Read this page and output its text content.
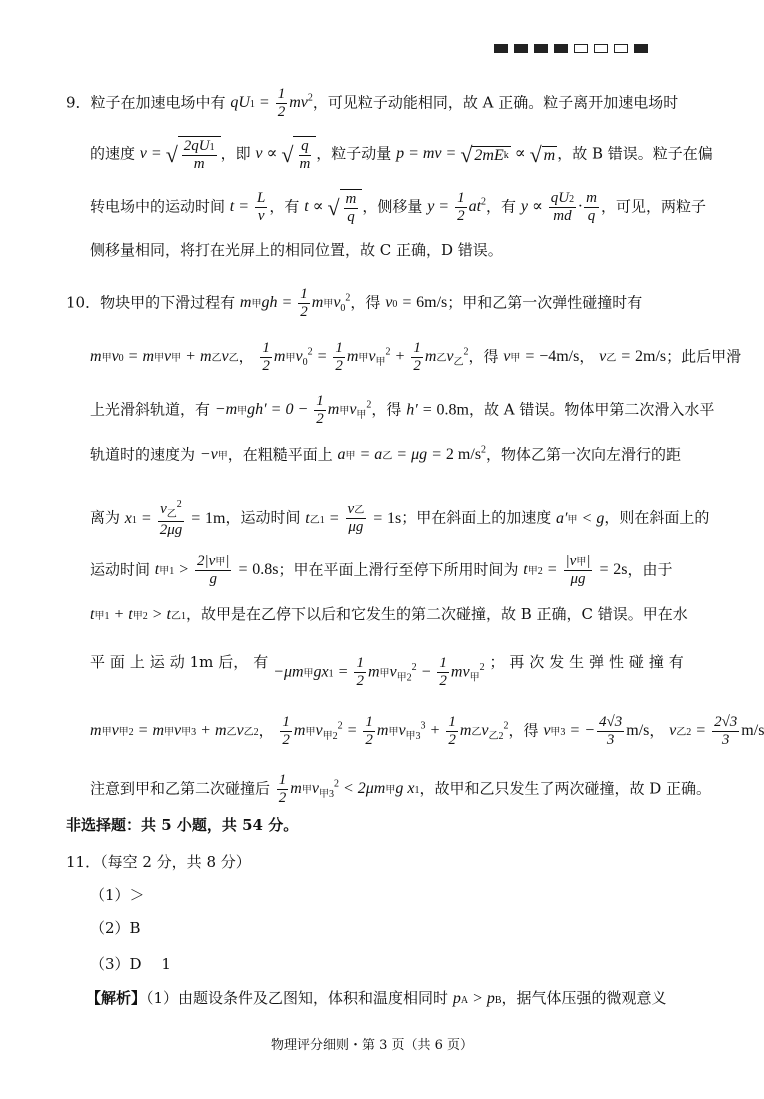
9．粒子在加速电场中有 $qU1 = \frac{1}{2} mv^2$，可见粒子动能相同，故 A 正确。粒子离开加速电场时
的速度 v = √ $\frac{2qU1}{m}$ ，即 v ∝ √ $\frac{q}{m}$ ，粒子动量 p = mv = √ 2mE k ∝ √ m ，故 B 错误。粒子在偏
转电场中的运动时间 $t = \frac{L}{v}$ ，有 t ∝ √ $\frac{m}{q}$ ，侧移量 $y = \frac{1}{2} at^2$，有 $y \propto \frac{qU2}{md} \cdot \frac{m}{q}$ ，可见，两粒子
侧移量相同，将打在光屏上的相同位置，故 C 正确，D 错误。
10．物块甲的下滑过程有 m甲gh = $\frac{1}{2}$ m甲$v_0^2$，得 v0 = 6m/s；甲和乙第一次弹性碰撞时有
m甲v0 = m甲v甲 + m乙v乙， $\frac{1}{2}$ m甲$v_0^2 = \frac{1}{2}$ m甲$v_甲^2 + \frac{1}{2}$ m乙$v_乙^2$，得 v甲 = −4m/s， v乙 = 2m/s；此后甲滑
上光滑斜轨道，有 −m甲$gh' = 0 - \frac{1}{2}$ m甲$v_甲^2$，得 h′ = 0.8m，故 A 错误。物体甲第二次滑入水平
轨道时的速度为 −v甲，在粗糙平面上 a甲 = a乙 = μg = 2 $m/s^2$，物体乙第一次向左滑行的距
离为 $x1 = \frac{v_乙^2}{2\mu g} = 1m$，运动时间 t乙$1 = \frac{\text{v乙}}{\mu g} = 1s$；甲在斜面上的加速度 a′甲 < g，则在斜面上的
运动时间 t甲$1 > \frac{\text{2|v甲|}}{g} = 0.8s$；甲在平面上滑行至停下所用时间为 t甲$2 = \frac{\text{|v甲|}}{\mu g} = 2s$，由于
t甲1 + t甲2 > t乙1，故甲是在乙停下以后和它发生的第二次碰撞，故 B 正确，C 错误。甲在水
平 面 上 运 动 1m 后， 有
−μm甲$gx1 = \frac{1}{2}$ m甲$v_{甲2}^2 - \frac{1}{2} mv_甲^2$ ； 再 次 发 生 弹 性 碰 撞 有
m甲v甲2 = m甲v甲3 + m乙v乙2， $\frac{1}{2}$ m甲$v_{甲2}^2 = \frac{1}{2}$ m甲$v_{甲3}^3 + \frac{1}{2}$ m乙$v_{乙2}^2$，得 v甲3 = − $\frac{4√3}{3} m/s$， v乙$2 = \frac{2√3}{3} m/s$
注意到甲和乙第二次碰撞后 $\frac{1}{2}$ m甲$v_{甲3}^2 < 2\mu m$甲g x1，故甲和乙只发生了两次碰撞，故 D 正确。
非选择题：共 5 小题，共 54 分。
11．（每空 2 分，共 8 分）
（1）＞
（2）B
（3）D　 1
【解析】（1）由题设条件及乙图知，体积和温度相同时 pA > pB，据气体压强的微观意义
物理评分细则・第 3 页（共 6 页）
